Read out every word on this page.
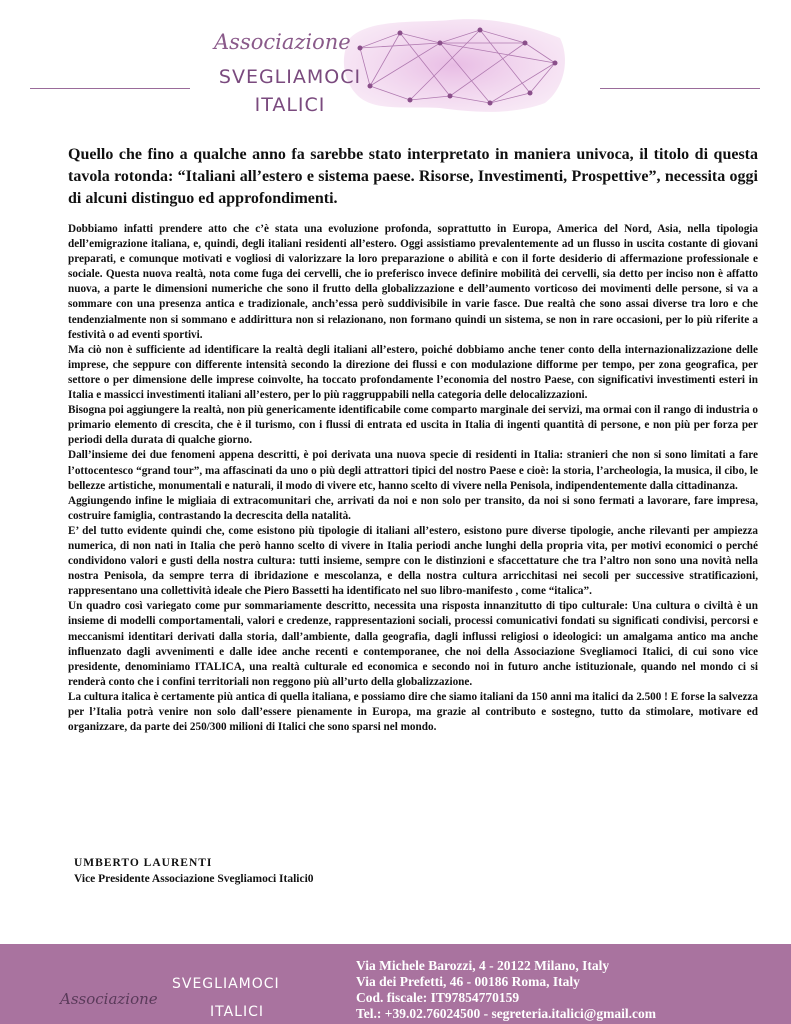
Associazione
SVEGLIAMOCI
ITALICI
Quello che fino a qualche anno fa sarebbe stato interpretato in maniera univoca, il titolo di questa tavola rotonda: “Italiani all’estero e sistema paese. Risorse, Investimenti, Prospettive”, necessita oggi di alcuni distinguo ed approfondimenti.

Dobbiamo infatti prendere atto che c’è stata una evoluzione profonda, soprattutto in Europa, America del Nord, Asia, nella tipologia dell’emigrazione italiana, e, quindi, degli italiani residenti all’estero. Oggi assistiamo prevalentemente ad un flusso in uscita costante di giovani preparati, e comunque motivati e vogliosi di valorizzare la loro preparazione o abilità e con il forte desiderio di affermazione professionale e sociale. Questa nuova realtà, nota come fuga dei cervelli, che io preferisco invece definire mobilità dei cervelli, sia detto per inciso non è affatto nuova, a parte le dimensioni numeriche che sono il frutto della globalizzazione e dell’aumento vorticoso dei movimenti delle persone, si va a sommare con una presenza antica e tradizionale, anch’essa però suddivisibile in varie fasce. Due realtà che sono assai diverse tra loro e che tendenzialmente non si sommano e addirittura non si relazionano, non formano quindi un sistema, se non in rare occasioni, per lo più riferite a festività o ad eventi sportivi.

Ma ciò non è sufficiente ad identificare la realtà degli italiani all’estero, poiché dobbiamo anche tener conto della internazionalizzazione delle imprese, che seppure con differente intensità secondo la direzione dei flussi e con modulazione difforme per tempo, per zona geografica, per settore o per dimensione delle imprese coinvolte, ha toccato profondamente l’economia del nostro Paese, con significativi investimenti esteri in Italia e massicci investimenti italiani all’estero, per lo più raggruppabili nella categoria delle delocalizzazioni.

Bisogna poi aggiungere la realtà, non più genericamente identificabile come comparto marginale dei servizi, ma ormai con il rango di industria o primario elemento di crescita, che è il turismo, con i flussi di entrata ed uscita in Italia di ingenti quantità di persone, e non più per forza per periodi della durata di qualche giorno.

Dall’insieme dei due fenomeni appena descritti, è poi derivata una nuova specie di residenti in Italia: stranieri che non si sono limitati a fare l’ottocentesco “grand tour”, ma affascinati da uno o più degli attrattori tipici del nostro Paese e cioè: la storia, l’archeologia, la musica, il cibo, le bellezze artistiche, monumentali e naturali, il modo di vivere etc, hanno scelto di vivere nella Penisola, indipendentemente dalla cittadinanza.

Aggiungendo infine le migliaia di extracomunitari che, arrivati da noi e non solo per transito, da noi si sono fermati a lavorare, fare impresa, costruire famiglia, contrastando la decrescita della natalità.

E’ del tutto evidente quindi che, come esistono più tipologie di italiani all’estero, esistono pure diverse tipologie, anche rilevanti per ampiezza numerica, di non nati in Italia che però hanno scelto di vivere in Italia periodi anche lunghi della propria vita, per motivi economici o perché condividono valori e gusti della nostra cultura: tutti insieme, sempre con le distinzioni e sfaccettature che tra l’altro non sono una novità nella nostra Penisola, da sempre terra di ibridazione e mescolanza, e della nostra cultura arricchitasi nei secoli per successive stratificazioni, rappresentano una collettività ideale che Piero Bassetti ha identificato nel suo libro-manifesto , come “italica”.

Un quadro così variegato come pur sommariamente descritto, necessita una risposta innanzitutto di tipo culturale: Una cultura o civiltà è un insieme di modelli comportamentali, valori e credenze, rappresentazioni sociali, processi comunicativi fondati su significati condivisi, percorsi e meccanismi identitari derivati dalla storia, dall’ambiente, dalla geografia, dagli influssi religiosi o ideologici: un amalgama antico ma anche influenzato dagli avvenimenti e dalle idee anche recenti e contemporanee, che noi della Associazione Svegliamoci Italici, di cui sono vice presidente, denominiamo ITALICA, una realtà culturale ed economica e secondo noi in futuro anche istituzionale, quando nel mondo ci si renderà conto che i confini territoriali non reggono più all’urto della globalizzazione.

La cultura italica è certamente più antica di quella italiana, e possiamo dire che siamo italiani da 150 anni ma italici da 2.500 ! E forse la salvezza per l’Italia potrà venire non solo dall’essere pienamente in Europa, ma grazie al contributo e sostegno, tutto da stimolare, motivare ed organizzare, da parte dei 250/300 milioni di Italici che sono sparsi nel mondo.

UMBERTO LAURENTI
Vice Presidente Associazione Svegliamoci Italici0
Associazione
SVEGLIAMOCI
ITALICI
Via Michele Barozzi, 4 - 20122 Milano, Italy
Via dei Prefetti, 46 - 00186 Roma, Italy
Cod. fiscale: IT97854770159
Tel.: +39.02.76024500 - segreteria.italici@gmail.com
